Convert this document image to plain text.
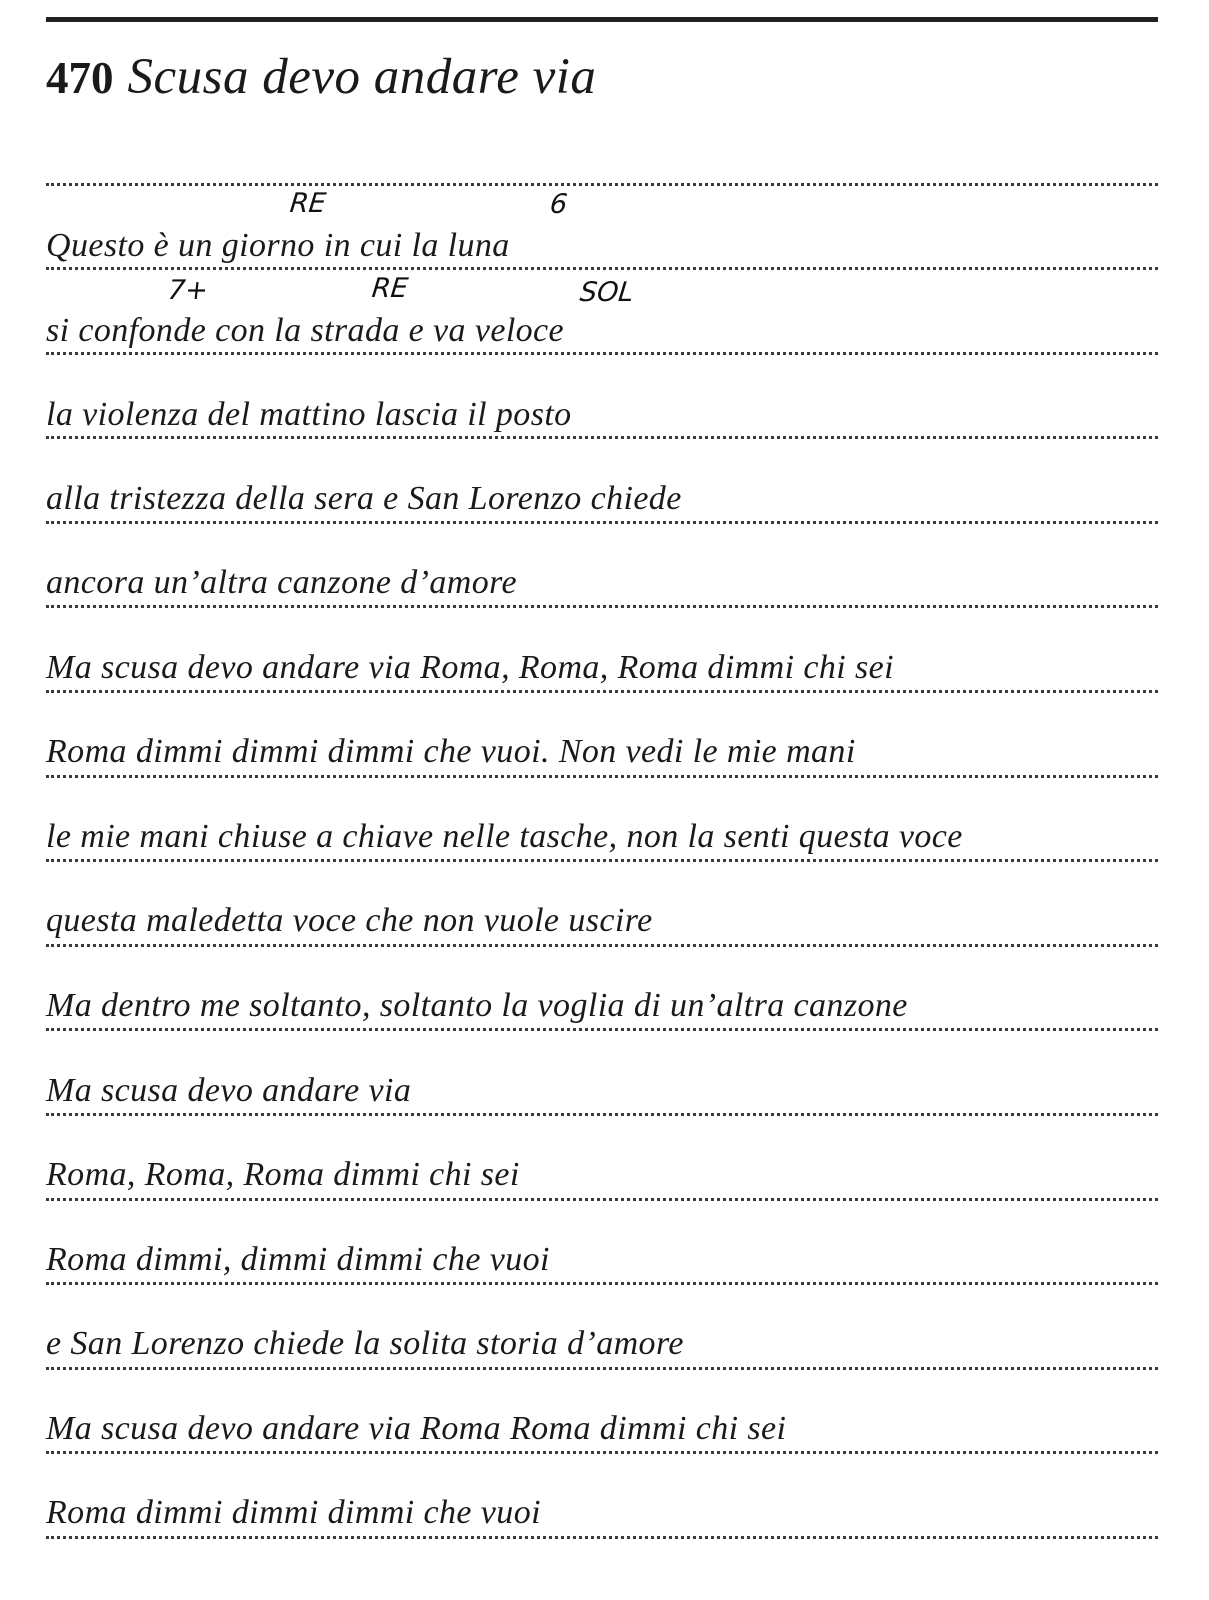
470 Scusa devo andare via
RE	6
Questo è un giorno in cui la luna
7+	RE	SOL
si confonde con la strada e va veloce
la violenza del mattino lascia il posto
alla tristezza della sera e San Lorenzo chiede
ancora un’altra canzone d’amore
Ma scusa devo andare via Roma, Roma, Roma dimmi chi sei
Roma dimmi dimmi dimmi che vuoi. Non vedi le mie mani
le mie mani chiuse a chiave nelle tasche, non la senti questa voce
questa maledetta voce che non vuole uscire
Ma dentro me soltanto, soltanto la voglia di un’altra canzone
Ma scusa devo andare via
Roma, Roma, Roma dimmi chi sei
Roma dimmi, dimmi dimmi che vuoi
e San Lorenzo chiede la solita storia d’amore
Ma scusa devo andare via Roma Roma dimmi chi sei
Roma dimmi dimmi dimmi che vuoi
